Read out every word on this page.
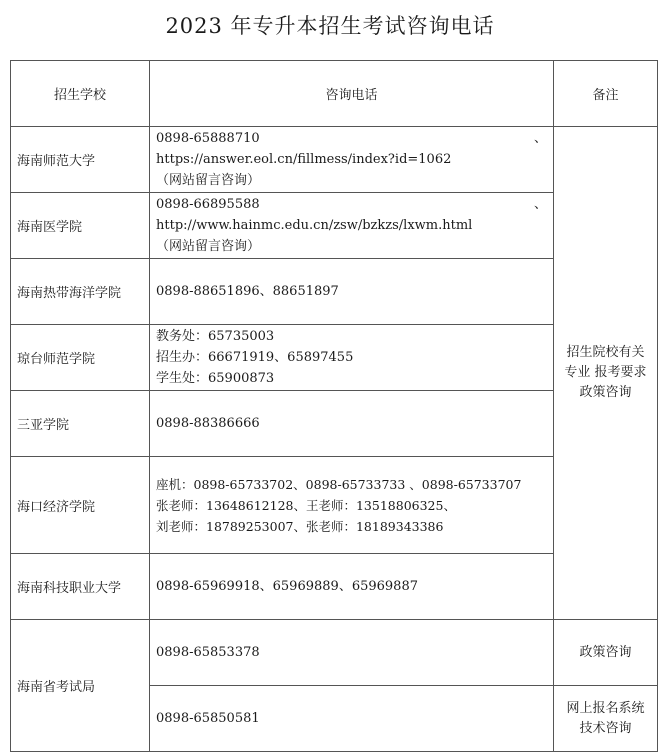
2023 年专升本招生考试咨询电话
招生学校	咨询电话	备注
海南师范大学	0898-65888710 、
https://answer.eol.cn/fillmess/index?id=1062
（网站留言咨询）	招生院校有关专业 报考要求政策咨询

海南医学院	0898-66895588 、
http://www.hainmc.edu.cn/zsw/bzkzs/lxwm.html
（网站留言咨询）	

海南热带海洋学院	0898-88651896、88651897	

琼台师范学院	教务处：65735003
招生办：66671919、65897455
学生处：65900873	

三亚学院	0898-88386666	

海口经济学院	座机：0898-65733702、0898-65733733 、0898-65733707
张老师：13648612128、王老师：13518806325、
刘老师：18789253007、张老师：18189343386	

海南科技职业大学	0898-65969918、65969889、65969887	

海南省考试局	0898-65853378	政策咨询

	0898-65850581	网上报名系统技术咨询
